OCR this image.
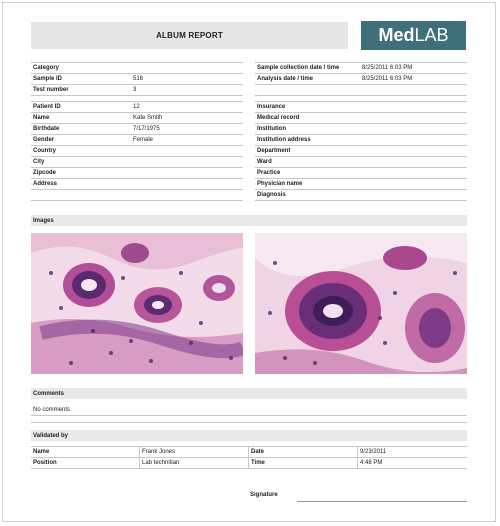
ALBUM REPORT	Med LAB
Category	
Sample ID	516
Test number	3
Sample collection date / time	8/25/2011 6:03 PM
Analysis date / time	8/25/2011 6:03 PM

Patient ID	12
Name	Kate Smith
Birthdate	7/17/1975
Gender	Female
Country	
City	
Zipcode	
Address	

Insurance	
Medical record	
Institution	
Institution address	
Department	
Ward	
Practice	
Physician name	
Diagnosis	
Images
Comments
No comments
Validated by
Name	Frank Jones	Date	9/23/2011
Position	Lab technitian	Time	4:48 PM
Signature
